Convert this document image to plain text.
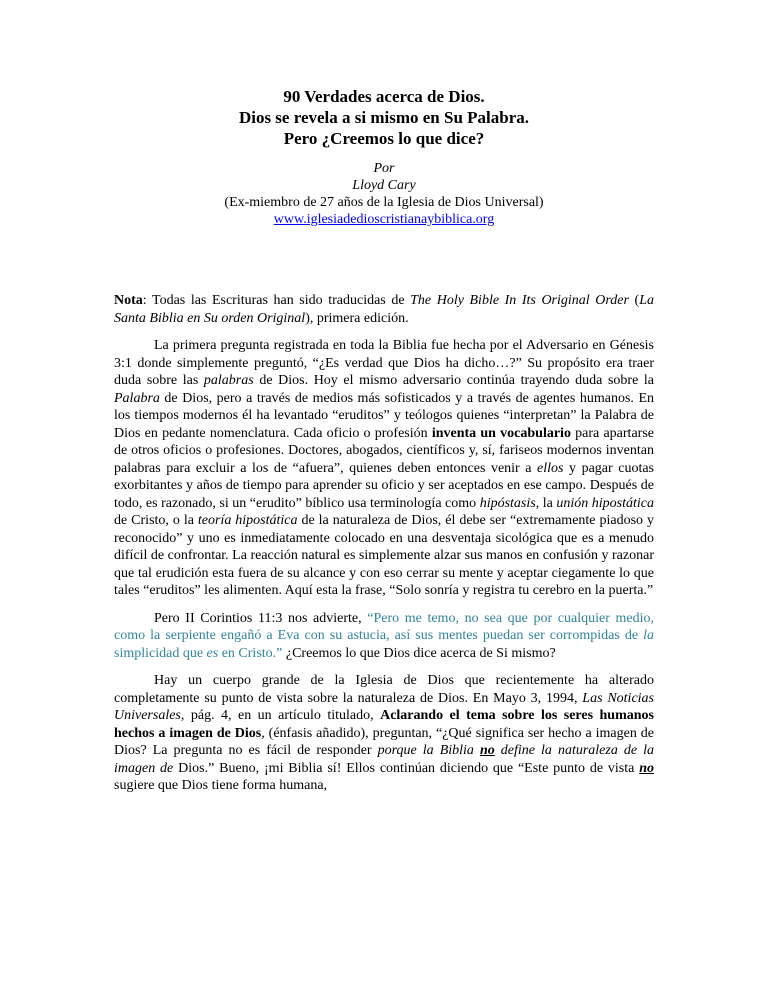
90 Verdades acerca de Dios.
Dios se revela a si mismo en Su Palabra.
Pero ¿Creemos lo que dice?
Por
Lloyd Cary
(Ex-miembro de 27 años de la Iglesia de Dios Universal)
www.iglesiadedioscristianaybiblica.org

Nota: Todas las Escrituras han sido traducidas de The Holy Bible In Its Original Order (La Santa Biblia en Su orden Original), primera edición.

La primera pregunta registrada en toda la Biblia fue hecha por el Adversario en Génesis 3:1 donde simplemente preguntó, “¿Es verdad que Dios ha dicho…?” Su propósito era traer duda sobre las palabras de Dios. Hoy el mismo adversario continúa trayendo duda sobre la Palabra de Dios, pero a través de medios más sofisticados y a través de agentes humanos. En los tiempos modernos él ha levantado “eruditos” y teólogos quienes “interpretan” la Palabra de Dios en pedante nomenclatura. Cada oficio o profesión inventa un vocabulario para apartarse de otros oficios o profesiones. Doctores, abogados, científicos y, sí, fariseos modernos inventan palabras para excluir a los de “afuera”, quienes deben entonces venir a ellos y pagar cuotas exorbitantes y años de tiempo para aprender su oficio y ser aceptados en ese campo. Después de todo, es razonado, si un “erudito” bíblico usa terminología como hipóstasis, la unión hipostática de Cristo, o la teoría hipostática de la naturaleza de Dios, él debe ser “extremamente piadoso y reconocido” y uno es inmediatamente colocado en una desventaja sicológica que es a menudo difícil de confrontar. La reacción natural es simplemente alzar sus manos en confusión y razonar que tal erudición esta fuera de su alcance y con eso cerrar su mente y aceptar ciegamente lo que tales “eruditos” les alimenten. Aquí esta la frase, “Solo sonría y registra tu cerebro en la puerta.”

Pero II Corintios 11:3 nos advierte, “Pero me temo, no sea que por cualquier medio, como la serpiente engañó a Eva con su astucia, así sus mentes puedan ser corrompidas de la simplicidad que es en Cristo.” ¿Creemos lo que Dios dice acerca de Si mismo?

Hay un cuerpo grande de la Iglesia de Dios que recientemente ha alterado completamente su punto de vista sobre la naturaleza de Dios. En Mayo 3, 1994, Las Noticias Universales, pág. 4, en un artículo titulado, Aclarando el tema sobre los seres humanos hechos a imagen de Dios, (énfasis añadido), preguntan, “¿Qué significa ser hecho a imagen de Dios? La pregunta no es fácil de responder porque la Biblia no define la naturaleza de la imagen de Dios.” Bueno, ¡mi Biblia sí! Ellos continúan diciendo que “Este punto de vista no sugiere que Dios tiene forma humana,
